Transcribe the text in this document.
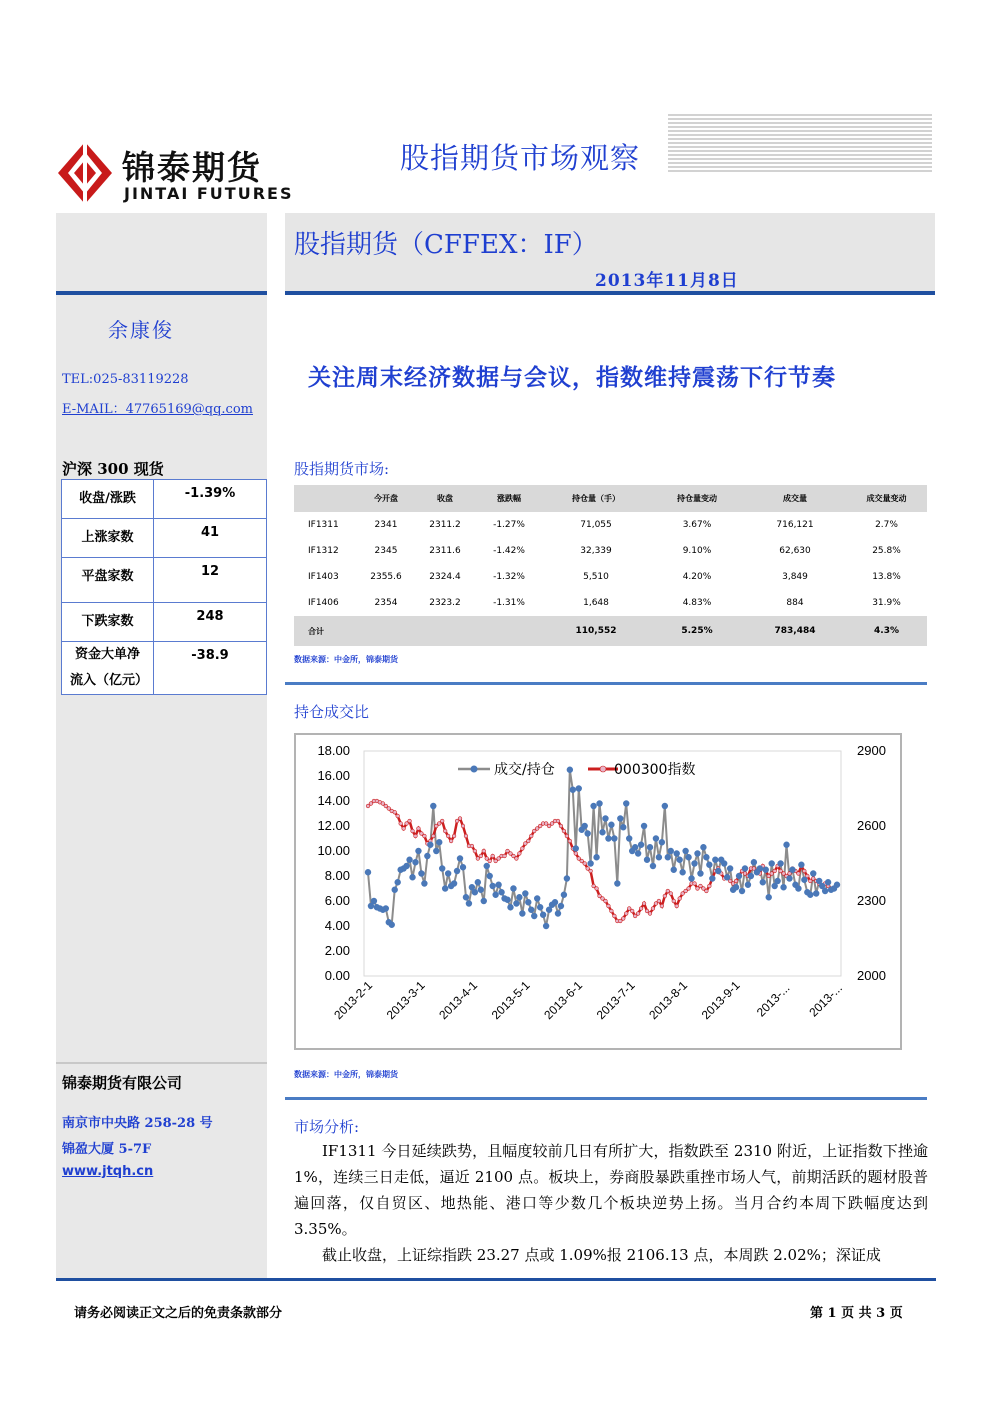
锦泰期货
JINTAI FUTURES
股指期货市场观察
余康俊
TEL:025-83119228
E-MAIL：47765169@qq.com
沪深 300 现货
收盘/涨跌	-1.39%
上涨家数	41
平盘家数	12
下跌家数	248
资金大单净流入（亿元）	-38.9
锦泰期货有限公司
南京市中央路 258-28 号
锦盈大厦 5-7F
www.jtqh.cn
股指期货（CFFEX：IF）
2013年11月8日
关注周末经济数据与会议，指数维持震荡下行节奏
股指期货市场:
	今开盘	收盘	涨跌幅	持仓量（手）	持仓量变动	成交量	成交量变动
IF1311	2341	2311.2	-1.27%	71,055	3.67%	716,121	2.7%
IF1312	2345	2311.6	-1.42%	32,339	9.10%	62,630	25.8%
IF1403	2355.6	2324.4	-1.32%	5,510	4.20%	3,849	13.8%
IF1406	2354	2323.2	-1.31%	1,648	4.83%	884	31.9%
合计				110,552	5.25%	783,484	4.3%
数据来源：中金所，锦泰期货
持仓成交比
0.00
2.00
4.00
6.00
8.00
10.00
12.00
14.00
16.00
18.00
2000
2300
2600
2900
2013-2-1 2013-3-1 2013-4-1 2013-5-1 2013-6-1 2013-7-1 2013-8-1 2013-9-1 2013-... 2013-...
成交/持仓	000300指数
数据来源：中金所，锦泰期货
市场分析:
IF1311 今日延续跌势，且幅度较前几日有所扩大，指数跌至 2310 附近，上证指数下挫逾 1%，连续三日走低，逼近 2100 点。板块上，券商股暴跌重挫市场人气，前期活跃的题材股普遍回落，仅自贸区、地热能、港口等少数几个板块逆势上扬。当月合约本周下跌幅度达到 3.35%。
截止收盘，上证综指跌 23.27 点或 1.09%报 2106.13 点，本周跌 2.02%；深证成
请务必阅读正文之后的免责条款部分	第 1 页 共 3 页
